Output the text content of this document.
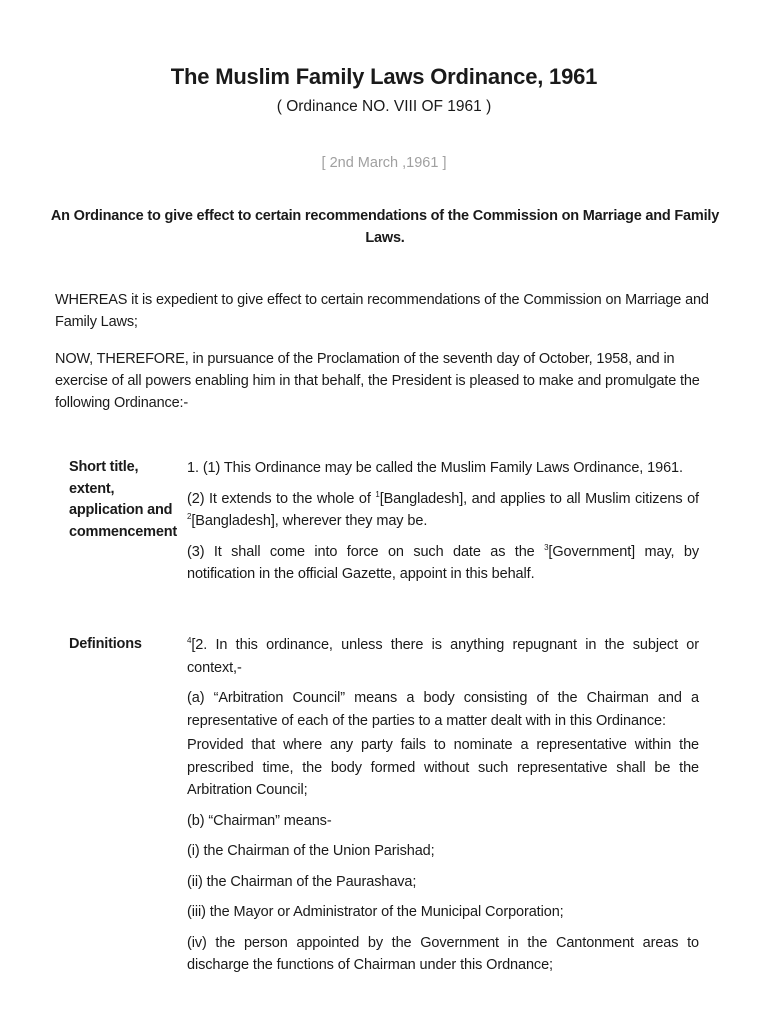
The Muslim Family Laws Ordinance, 1961
( Ordinance NO. VIII OF 1961 )
[ 2nd March ,1961 ]
An Ordinance to give effect to certain recommendations of the Commission on Marriage and Family Laws.

WHEREAS it is expedient to give effect to certain recommendations of the Commission on Marriage and Family Laws;

NOW, THEREFORE, in pursuance of the Proclamation of the seventh day of October, 1958, and in exercise of all powers enabling him in that behalf, the President is pleased to make and promulgate the following Ordinance:-

Short title, extent, application and commencement

1. (1) This Ordinance may be called the Muslim Family Laws Ordinance, 1961.

(2) It extends to the whole of $^1$[Bangladesh], and applies to all Muslim citizens of $^2$[Bangladesh], wherever they may be.

(3) It shall come into force on such date as the $^3$[Government] may, by notification in the official Gazette, appoint in this behalf.

Definitions	$^4$[2. In this ordinance, unless there is anything repugnant in the subject or context,-

(a) “Arbitration Council” means a body consisting of the Chairman and a representative of each of the parties to a matter dealt with in this Ordinance:

Provided that where any party fails to nominate a representative within the prescribed time, the body formed without such representative shall be the Arbitration Council;

(b) “Chairman” means-

(i) the Chairman of the Union Parishad;

(ii) the Chairman of the Paurashava;

(iii) the Mayor or Administrator of the Municipal Corporation;

(iv) the person appointed by the Government in the Cantonment areas to discharge the functions of Chairman under this Ordnance;
